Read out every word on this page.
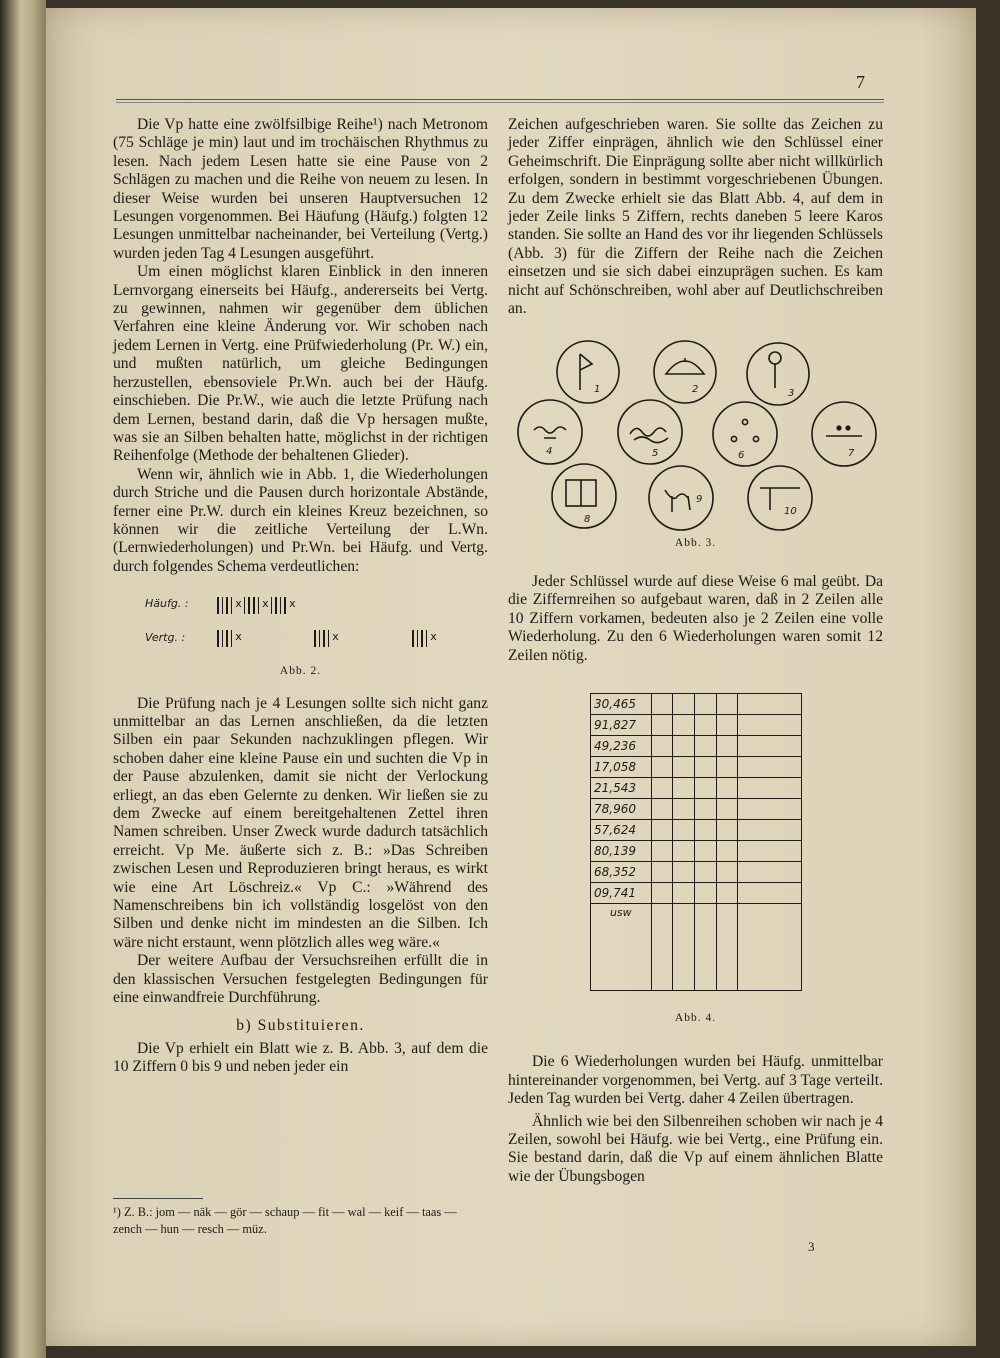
7

Die Vp hatte eine zwölfsilbige Reihe¹) nach Metronom (75 Schläge je min) laut und im trochäischen Rhythmus zu lesen. Nach jedem Lesen hatte sie eine Pause von 2 Schlägen zu machen und die Reihe von neuem zu lesen. In dieser Weise wurden bei unseren Hauptversuchen 12 Lesungen vorgenommen. Bei Häufung (Häufg.) folgten 12 Lesungen unmittelbar nacheinander, bei Verteilung (Vertg.) wurden jeden Tag 4 Lesungen ausgeführt.

Um einen möglichst klaren Einblick in den inneren Lernvorgang einerseits bei Häufg., andererseits bei Vertg. zu gewinnen, nahmen wir gegenüber dem üblichen Verfahren eine kleine Änderung vor. Wir schoben nach jedem Lernen in Vertg. eine Prüfwiederholung (Pr. W.) ein, und mußten natürlich, um gleiche Bedingungen herzustellen, ebensoviele Pr.Wn. auch bei der Häufg. einschieben. Die Pr.W., wie auch die letzte Prüfung nach dem Lernen, bestand darin, daß die Vp hersagen mußte, was sie an Silben behalten hatte, möglichst in der richtigen Reihenfolge (Methode der behaltenen Glieder).

Wenn wir, ähnlich wie in Abb. 1, die Wiederholungen durch Striche und die Pausen durch horizontale Abstände, ferner eine Pr.W. durch ein kleines Kreuz bezeichnen, so können wir die zeitliche Verteilung der L.Wn. (Lernwiederholungen) und Pr.Wn. bei Häufg. und Vertg. durch folgendes Schema verdeutlichen:

Häufg. :	x x x
Vertg. :	x	x	x
Abb. 2.

Die Prüfung nach je 4 Lesungen sollte sich nicht ganz unmittelbar an das Lernen anschließen, da die letzten Silben ein paar Sekunden nachzuklingen pflegen. Wir schoben daher eine kleine Pause ein und suchten die Vp in der Pause abzulenken, damit sie nicht der Verlockung erliegt, an das eben Gelernte zu denken. Wir ließen sie zu dem Zwecke auf einem bereitgehaltenen Zettel ihren Namen schreiben. Unser Zweck wurde dadurch tatsächlich erreicht. Vp Me. äußerte sich z. B.: »Das Schreiben zwischen Lesen und Reproduzieren bringt heraus, es wirkt wie eine Art Löschreiz.« Vp C.: »Während des Namenschreibens bin ich vollständig losgelöst von den Silben und denke nicht im mindesten an die Silben. Ich wäre nicht erstaunt, wenn plötzlich alles weg wäre.«

Der weitere Aufbau der Versuchsreihen erfüllt die in den klassischen Versuchen festgelegten Bedingungen für eine einwandfreie Durchführung.

b) Substituieren.

Die Vp erhielt ein Blatt wie z. B. Abb. 3, auf dem die 10 Ziffern 0 bis 9 und neben jeder ein

¹) Z. B.: jom — näk — gör — schaup — fit — wal — keif — taas — zench — hun — resch — müz.

Zeichen aufgeschrieben waren. Sie sollte das Zeichen zu jeder Ziffer einprägen, ähnlich wie den Schlüssel einer Geheimschrift. Die Einprägung sollte aber nicht willkürlich erfolgen, sondern in bestimmt vorgeschriebenen Übungen. Zu dem Zwecke erhielt sie das Blatt Abb. 4, auf dem in jeder Zeile links 5 Ziffern, rechts daneben 5 leere Karos standen. Sie sollte an Hand des vor ihr liegenden Schlüssels (Abb. 3) für die Ziffern der Reihe nach die Zeichen einsetzen und sie sich dabei einzuprägen suchen. Es kam nicht auf Schönschreiben, wohl aber auf Deutlichschreiben an.

1	2	3
4	5	6	7
8
9
10
Abb. 3.

Jeder Schlüssel wurde auf diese Weise 6 mal geübt. Da die Ziffernreihen so aufgebaut waren, daß in 2 Zeilen alle 10 Ziffern vorkamen, bedeuten also je 2 Zeilen eine volle Wiederholung. Zu den 6 Wiederholungen waren somit 12 Zeilen nötig.

30,465					
91,827					
49,236					
17,058					
21,543					
78,960					
57,624					
80,139					
68,352					
09,741					
usw					
Abb. 4.

Die 6 Wiederholungen wurden bei Häufg. unmittelbar hintereinander vorgenommen, bei Vertg. auf 3 Tage verteilt. Jeden Tag wurden bei Vertg. daher 4 Zeilen übertragen.

Ähnlich wie bei den Silbenreihen schoben wir nach je 4 Zeilen, sowohl bei Häufg. wie bei Vertg., eine Prüfung ein. Sie bestand darin, daß die Vp auf einem ähnlichen Blatte wie der Übungsbogen

3
